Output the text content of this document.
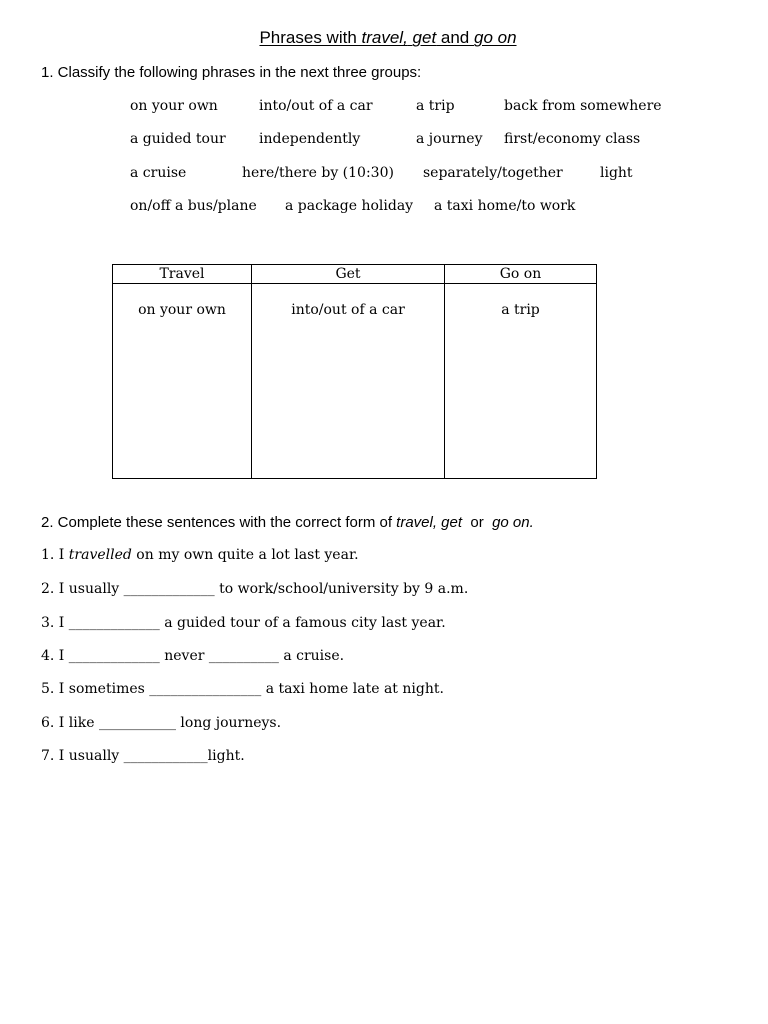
Phrases with travel, get and go on
1. Classify the following phrases in the next three groups:
on your own	into/out of a car	a trip	back from somewhere
a guided tour independently	a journey first/economy class
a cruise	here/there by (10:30) separately/together	light
on/off a bus/plane a package holiday a taxi home/to work
Travel	Get	Go on
on your own	into/out of a car	a trip
2. Complete these sentences with the correct form of travel, get  or  go on.
1. I travelled on my own quite a lot last year.
2. I usually _____________ to work/school/university by 9 a.m.
3. I _____________ a guided tour of a famous city last year.
4. I _____________ never __________ a cruise.
5. I sometimes ________________ a taxi home late at night.
6. I like ___________ long journeys.
7. I usually ____________light.
